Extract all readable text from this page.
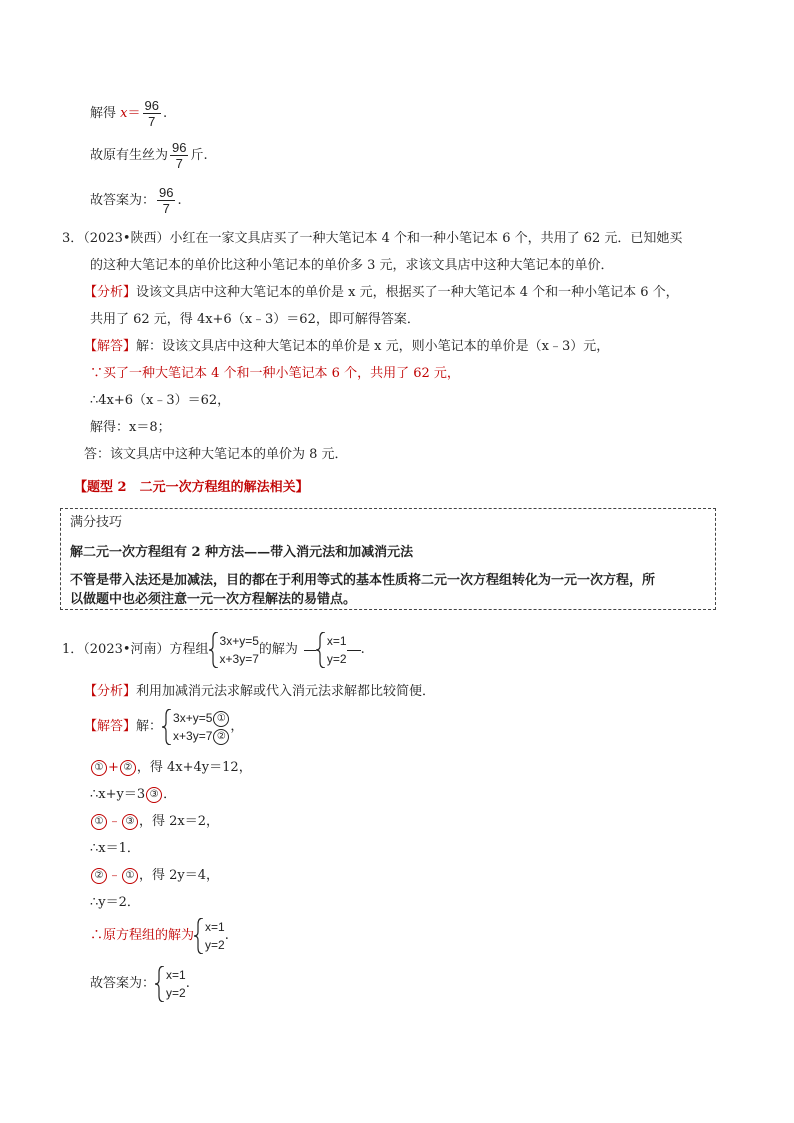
解得 $x= \frac{96}{7}$ .
故原有生丝为 $\frac{96}{7}$ 斤.
故答案为： $\frac{96}{7}$ .
3．（2023•陕西）小红在一家文具店买了一种大笔记本 4 个和一种小笔记本 6 个，共用了 62 元．已知她买
的这种大笔记本的单价比这种小笔记本的单价多 3 元，求该文具店中这种大笔记本的单价．
【分析】设该文具店中这种大笔记本的单价是 x 元，根据买了一种大笔记本 4 个和一种小笔记本 6 个，
共用了 62 元，得 4x+6（x﹣3）＝62，即可解得答案．
【解答】解：设该文具店中这种大笔记本的单价是 x 元，则小笔记本的单价是（x﹣3）元，
∵买了一种大笔记本 4 个和一种小笔记本 6 个，共用了 62 元，
∴4x+6（x﹣3）＝62，
解得：x＝8；
答：该文具店中这种大笔记本的单价为 8 元．
【题型 2　二元一次方程组的解法相关】
满分技巧
解二元一次方程组有 2 种方法——带入消元法和加减消元法
不管是带入法还是加减法，目的都在于利用等式的基本性质将二元一次方程组转化为一元一次方程，所
以做题中也必须注意一元一次方程解法的易错点。
1．（2023•河南）方程组
3x+y=5
x+3y=7
的解为
x=1
y=2
.
【分析】利用加减消元法求解或代入消元法求解都比较简便．
【解答】解：
3x+y=5 ①
x+3y=7 ②
，
① + ② ，得 4x+4y＝12，
∴x+y＝3 ③ ．
① ﹣ ③ ，得 2x＝2，
∴x＝1．
② ﹣ ① ，得 2y＝4，
∴y＝2．
∴原方程组的解为
x=1
y=2
.
故答案为：
x=1
y=2
.
